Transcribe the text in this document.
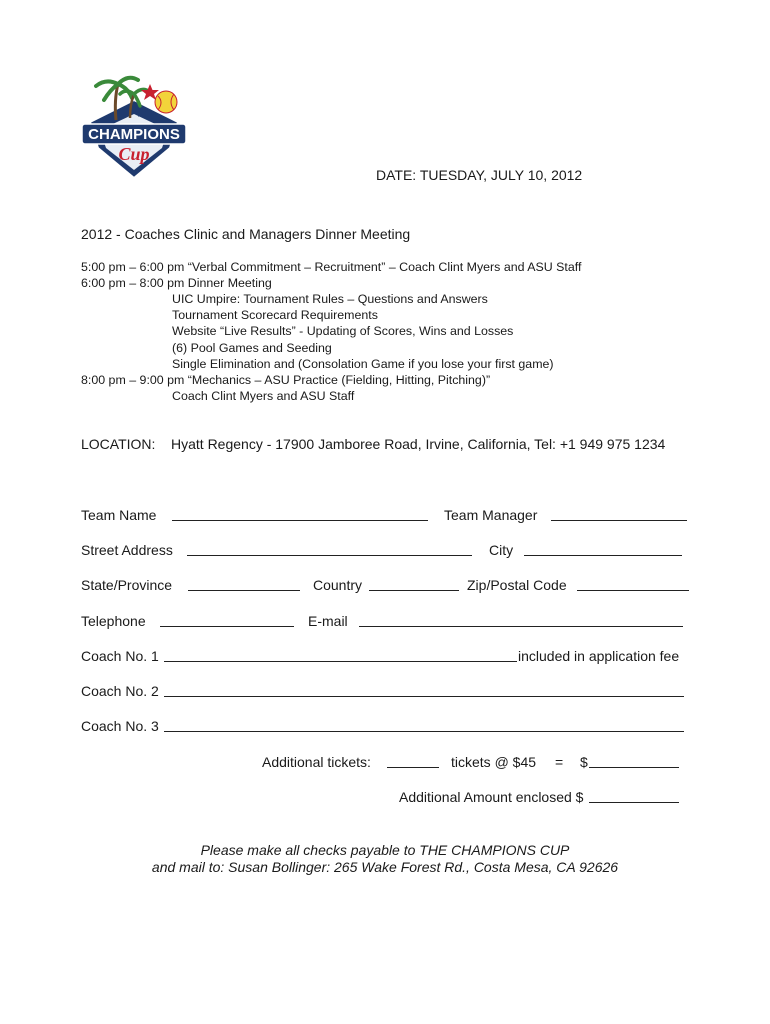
CHAMPIONS
Cup
DATE: TUESDAY, JULY 10, 2012
2012 - Coaches Clinic and Managers Dinner Meeting
5:00 pm – 6:00 pm “Verbal Commitment – Recruitment” – Coach Clint Myers and ASU Staff
6:00 pm – 8:00 pm Dinner Meeting
UIC Umpire: Tournament Rules – Questions and Answers
Tournament Scorecard Requirements
Website “Live Results” - Updating of Scores, Wins and Losses
(6) Pool Games and Seeding
Single Elimination and (Consolation Game if you lose your first game)
8:00 pm – 9:00 pm “Mechanics – ASU Practice (Fielding, Hitting, Pitching)”
Coach Clint Myers and ASU Staff
LOCATION: Hyatt Regency - 17900 Jamboree Road, Irvine, California, Tel: +1 949 975 1234
Team Name	Team Manager
Street Address	City
State/Province	Country	Zip/Postal Code
Telephone	E-mail
Coach No. 1	included in application fee
Coach No. 2
Coach No. 3
Additional tickets:	tickets @ $45 = $
Additional Amount enclosed $
Please make all checks payable to THE CHAMPIONS CUP
and mail to: Susan Bollinger: 265 Wake Forest Rd., Costa Mesa, CA 92626
